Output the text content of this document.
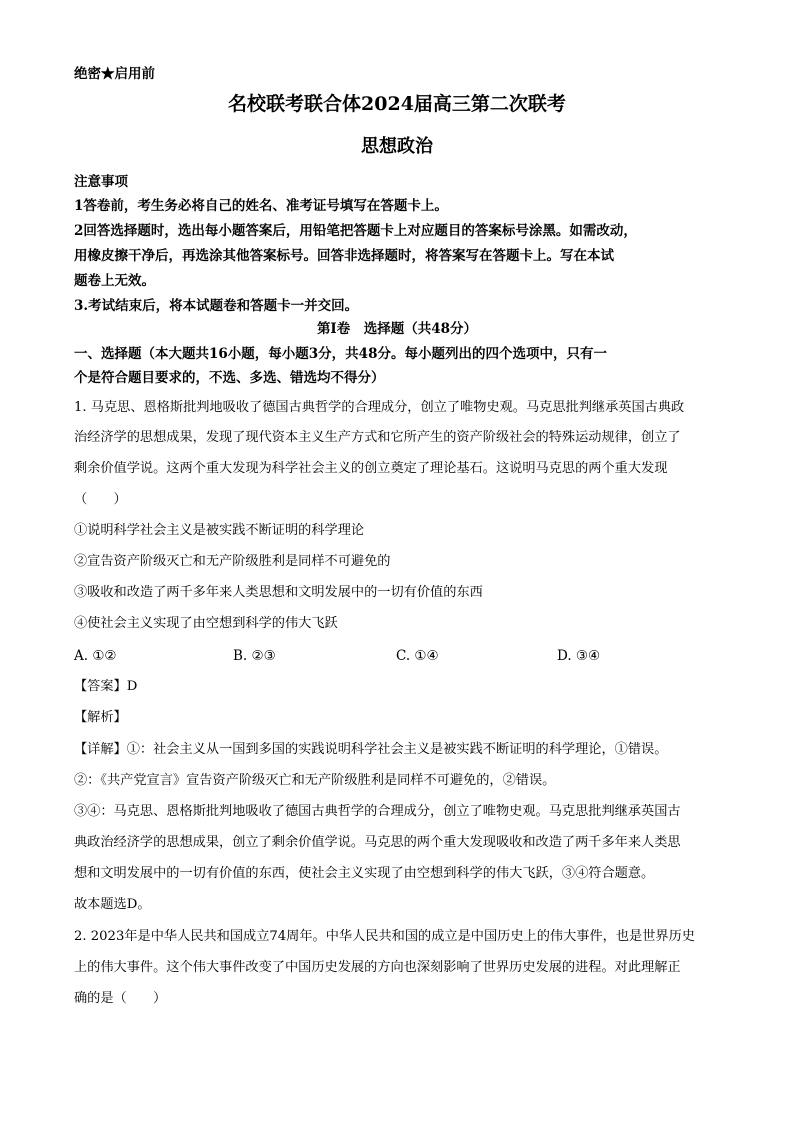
绝密★启用前
名校联考联合体2024届高三第二次联考
思想政治
注意事项
1答卷前，考生务必将自己的姓名、准考证号填写在答题卡上。
2回答选择题时，选出每小题答案后，用铅笔把答题卡上对应题目的答案标号涂黑。如需改动，
用橡皮擦干净后，再选涂其他答案标号。回答非选择题时，将答案写在答题卡上。写在本试
题卷上无效。
3.考试结束后，将本试题卷和答题卡一并交回。
第Ⅰ卷　选择题（共48分）
一、选择题（本大题共16小题，每小题3分，共48分。每小题列出的四个选项中，只有一
个是符合题目要求的，不选、多选、错选均不得分）
1. 马克思、恩格斯批判地吸收了德国古典哲学的合理成分，创立了唯物史观。马克思批判继承英国古典政
治经济学的思想成果，发现了现代资本主义生产方式和它所产生的资产阶级社会的特殊运动规律，创立了
剩余价值学说。这两个重大发现为科学社会主义的创立奠定了理论基石。这说明马克思的两个重大发现
（　　）
①说明科学社会主义是被实践不断证明的科学理论
②宣告资产阶级灭亡和无产阶级胜利是同样不可避免的
③吸收和改造了两千多年来人类思想和文明发展中的一切有价值的东西
④使社会主义实现了由空想到科学的伟大飞跃
A. ①②	B. ②③	C. ①④	D. ③④
【答案】D
【解析】
【详解】①：社会主义从一国到多国的实践说明科学社会主义是被实践不断证明的科学理论，①错误。
②：《共产党宣言》宣告资产阶级灭亡和无产阶级胜利是同样不可避免的，②错误。
③④：马克思、恩格斯批判地吸收了德国古典哲学的合理成分，创立了唯物史观。马克思批判继承英国古
典政治经济学的思想成果，创立了剩余价值学说。马克思的两个重大发现吸收和改造了两千多年来人类思
想和文明发展中的一切有价值的东西，使社会主义实现了由空想到科学的伟大飞跃，③④符合题意。
故本题选D。
2. 2023年是中华人民共和国成立74周年。中华人民共和国的成立是中国历史上的伟大事件，也是世界历史
上的伟大事件。这个伟大事件改变了中国历史发展的方向也深刻影响了世界历史发展的进程。对此理解正
确的是（　　）
